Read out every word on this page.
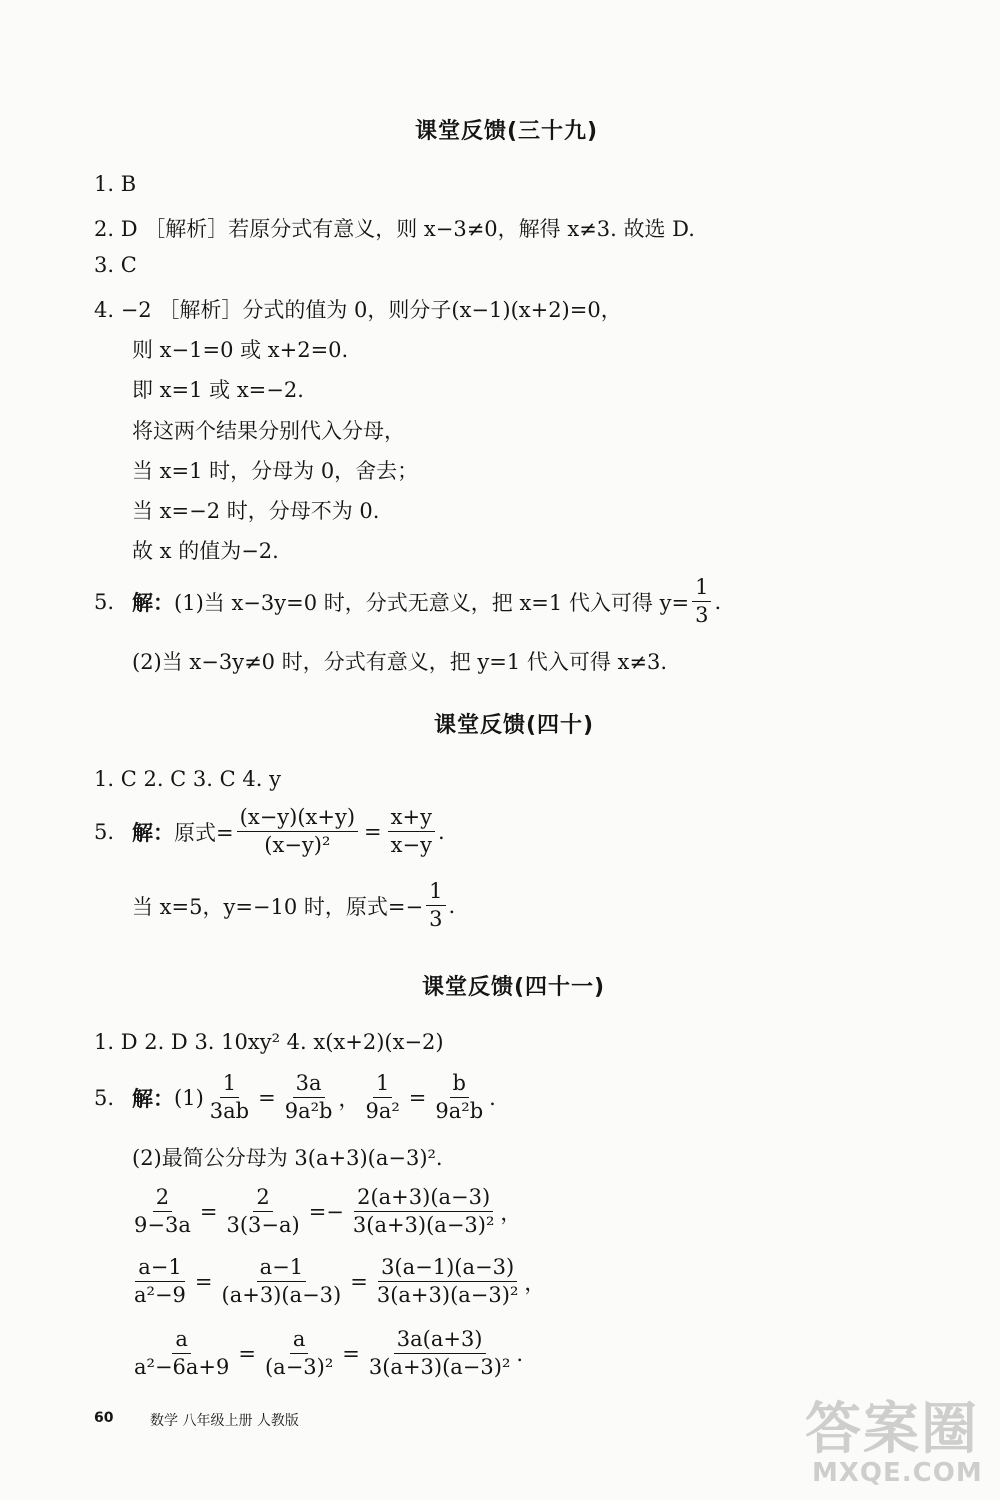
课堂反馈(三十九)
1. B
2. D ［解析］若原分式有意义，则 x−3≠0，解得 x≠3. 故选 D.
3. C
4. −2 ［解析］分式的值为 0，则分子(x−1)(x+2)=0，
则 x−1=0 或 x+2=0.
即 x=1 或 x=−2.
将这两个结果分别代入分母，
当 x=1 时，分母为 0，舍去；
当 x=−2 时，分母不为 0.
故 x 的值为−2.
5. 解： (1)当 x−3y=0 时，分式无意义，把 x=1 代入可得 $y= \frac{1}{3}$ .
(2)当 x−3y≠0 时，分式有意义，把 y=1 代入可得 x≠3.
课堂反馈(四十)
1. C 2. C 3. C 4. y
5. 解： 原式= $\frac{(x-y)(x+y)}{\text{(x−y)²}} = \frac{x+y}{x-y}$ .
当 x=5，y=−10 时，原式=− $\frac{1}{3}$ .
课堂反馈(四十一)
1. D 2. D 3. 10xy² 4. x(x+2)(x−2)
5. 解： $(1) \frac{1}{3ab} = \frac{3a}{\text{9a²b}}$ ， $\frac{1}{\text{9a²}} = \frac{b}{\text{9a²b}}$ .
(2)最简公分母为 3(a+3)(a−3)².
$\frac{2}{9-3a} = \frac{2}{3(3-a)} =- \frac{2(a+3)(a-3)}{\text{3(a+3)(a−3)²}}$ ，
$\frac{a-1}{\text{a²−9}} = \frac{a-1}{(a+3)(a-3)} = \frac{3(a-1)(a-3)}{\text{3(a+3)(a−3)²}}$ ，
$\frac{a}{\text{a²−6a+9}} = \frac{a}{\text{(a−3)²}} = \frac{3a(a+3)}{\text{3(a+3)(a−3)²}}$ .
60	数学 八年级上册 人教版	答案圈
MXQE.COM
